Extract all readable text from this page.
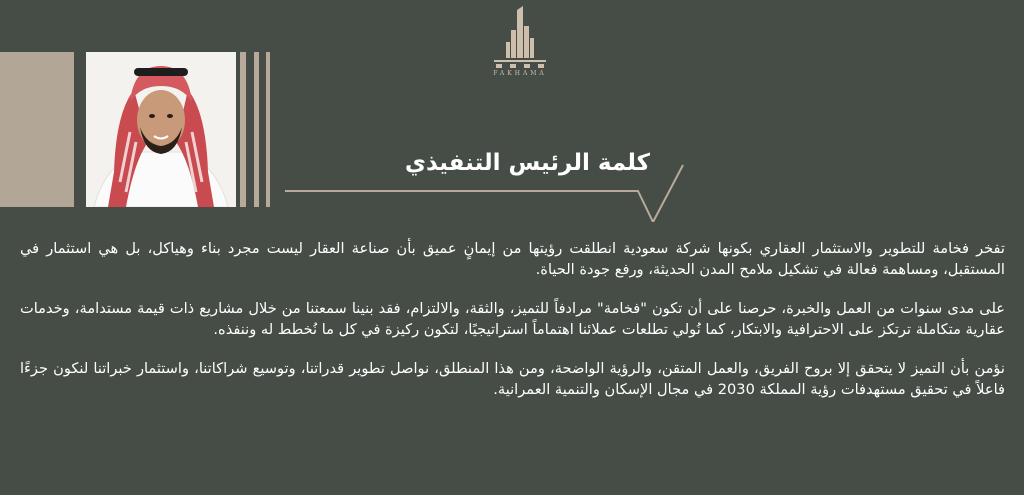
FAKHAMA
كلمة الرئيس التنفيذي

تفخر فخامة للتطوير والاستثمار العقاري بكونها شركة سعودية انطلقت رؤيتها من إيمانٍ عميق بأن صناعة العقار ليست مجرد بناء وهياكل، بل هي استثمار في المستقبل، ومساهمة فعالة في تشكيل ملامح المدن الحديثة، ورفع جودة الحياة.

على مدى سنوات من العمل والخبرة، حرصنا على أن تكون "فخامة" مرادفاً للتميز، والثقة، والالتزام، فقد بنينا سمعتنا من خلال مشاريع ذات قيمة مستدامة، وخدمات عقارية متكاملة ترتكز على الاحترافية والابتكار، كما نُولي تطلعات عملائنا اهتماماً استراتيجيًا، لتكون ركيزة في كل ما نُخطط له وننفذه.

نؤمن بأن التميز لا يتحقق إلا بروح الفريق، والعمل المتقن، والرؤية الواضحة، ومن هذا المنطلق، نواصل تطوير قدراتنا، وتوسيع شراكاتنا، واستثمار خبراتنا لنكون جزءًا فاعلاً في تحقيق مستهدفات رؤية المملكة 2030 في مجال الإسكان والتنمية العمرانية.
